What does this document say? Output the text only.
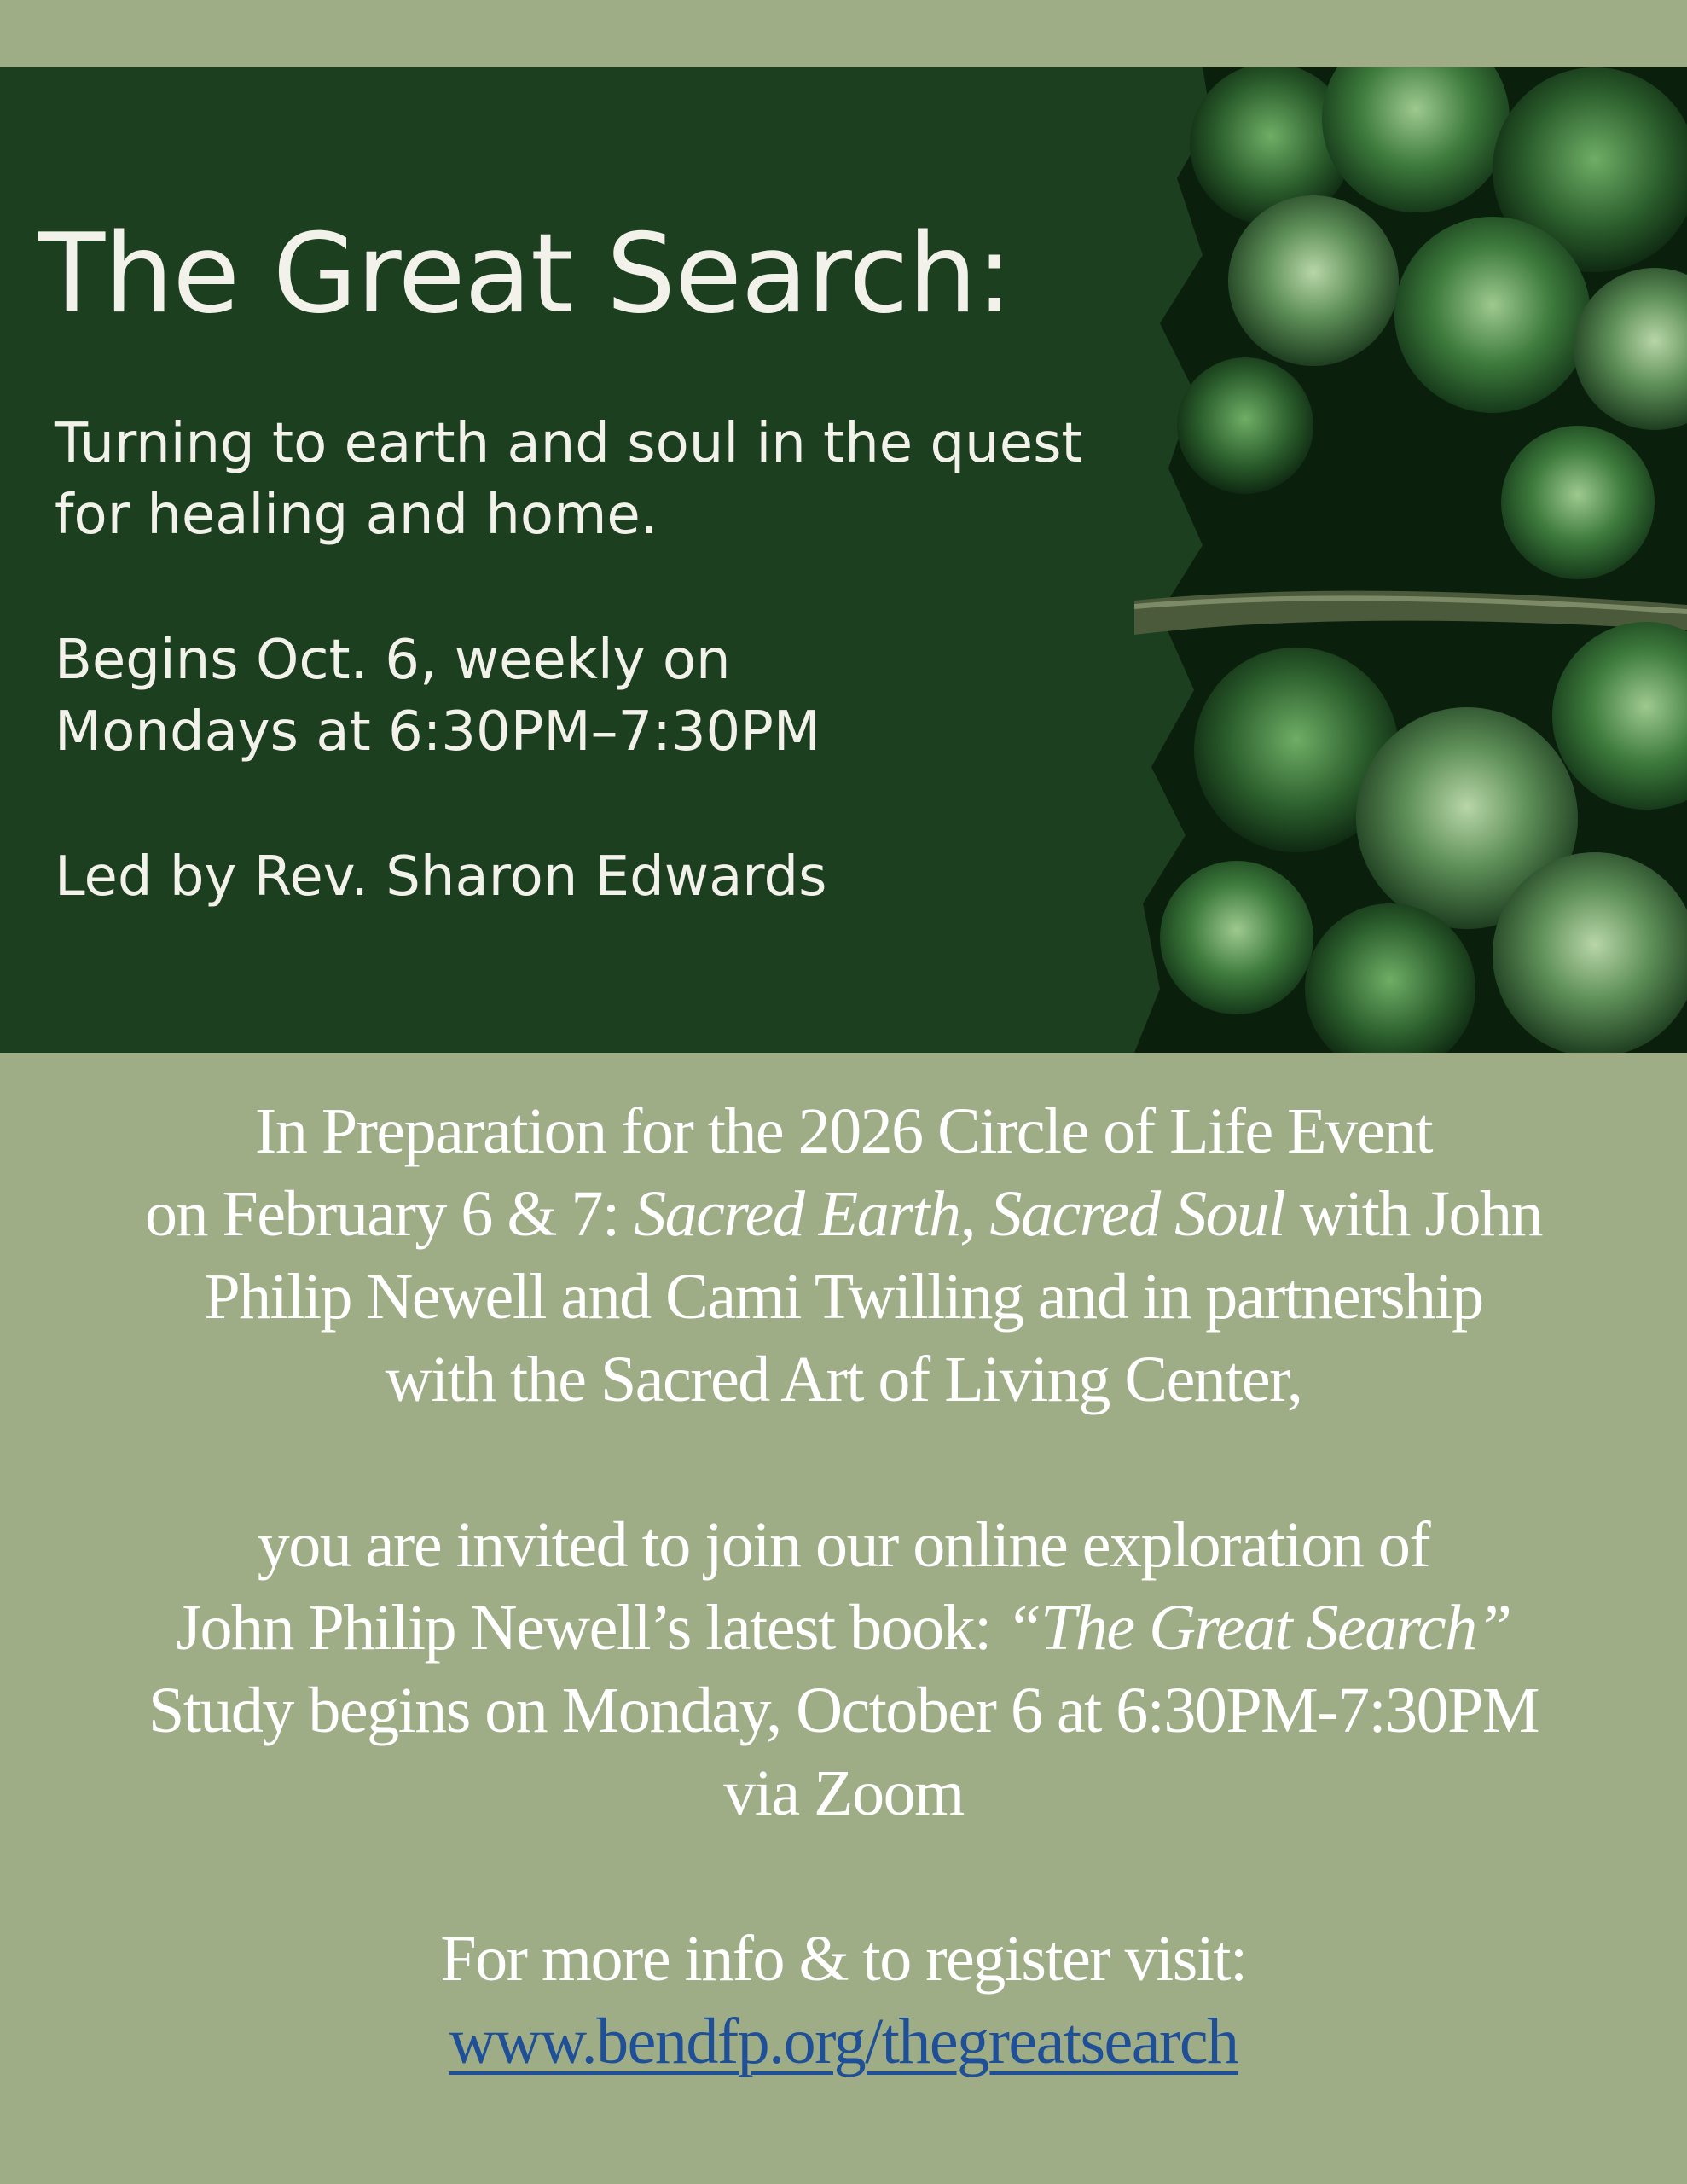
The Great Search:
Turning to earth and soul in the quest
for healing and home.
Begins Oct. 6, weekly on
Mondays at 6:30PM–7:30PM
Led by Rev. Sharon Edwards

In Preparation for the 2026 Circle of Life Event

on February 6 & 7: Sacred Earth, Sacred Soul with John

Philip Newell and Cami Twilling and in partnership

with the Sacred Art of Living Center,

you are invited to join our online exploration of

John Philip Newell’s latest book: “The Great Search”

Study begins on Monday, October 6 at 6:30PM-7:30PM

via Zoom

For more info & to register visit:

www.bendfp.org/thegreatsearch
